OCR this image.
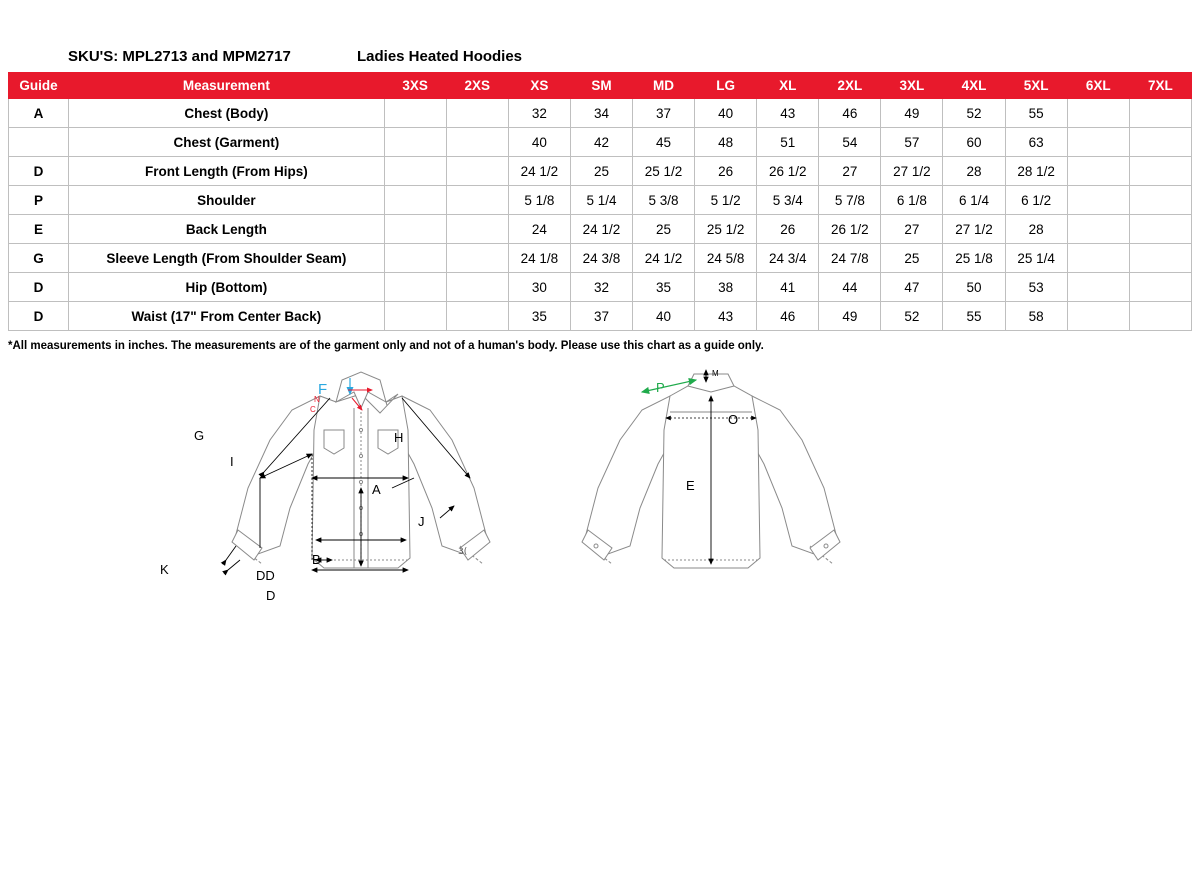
SKU'S: MPL2713 and MPM2717	Ladies Heated Hoodies
Guide	Measurement	3XS	2XS	XS	SM	MD	LG	XL	2XL	3XL	4XL	5XL	6XL	7XL
A	Chest (Body)			32	34	37	40	43	46	49	52	55		
	Chest (Garment)			40	42	45	48	51	54	57	60	63		
D	Front Length (From Hips)			24 1/2	25	25 1/2	26	26 1/2	27	27 1/2	28	28 1/2		
P	Shoulder			5 1/8	5 1/4	5 3/8	5 1/2	5 3/4	5 7/8	6 1/8	6 1/4	6 1/2		
E	Back Length			24	24 1/2	25	25 1/2	26	26 1/2	27	27 1/2	28		
G	Sleeve Length (From Shoulder Seam)			24 1/8	24 3/8	24 1/2	24 5/8	24 3/4	24 7/8	25	25 1/8	25 1/4		
D	Hip (Bottom)			30	32	35	38	41	44	47	50	53		
D	Waist (17" From Center Back)			35	37	40	43	46	49	52	55	58		
*All measurements in inches. The measurements are of the garment only and not of a human's body. Please use this chart as a guide only.
3(
G
I
H
A
J
B
K	DD
D
F
N
C
P
M
O
E
